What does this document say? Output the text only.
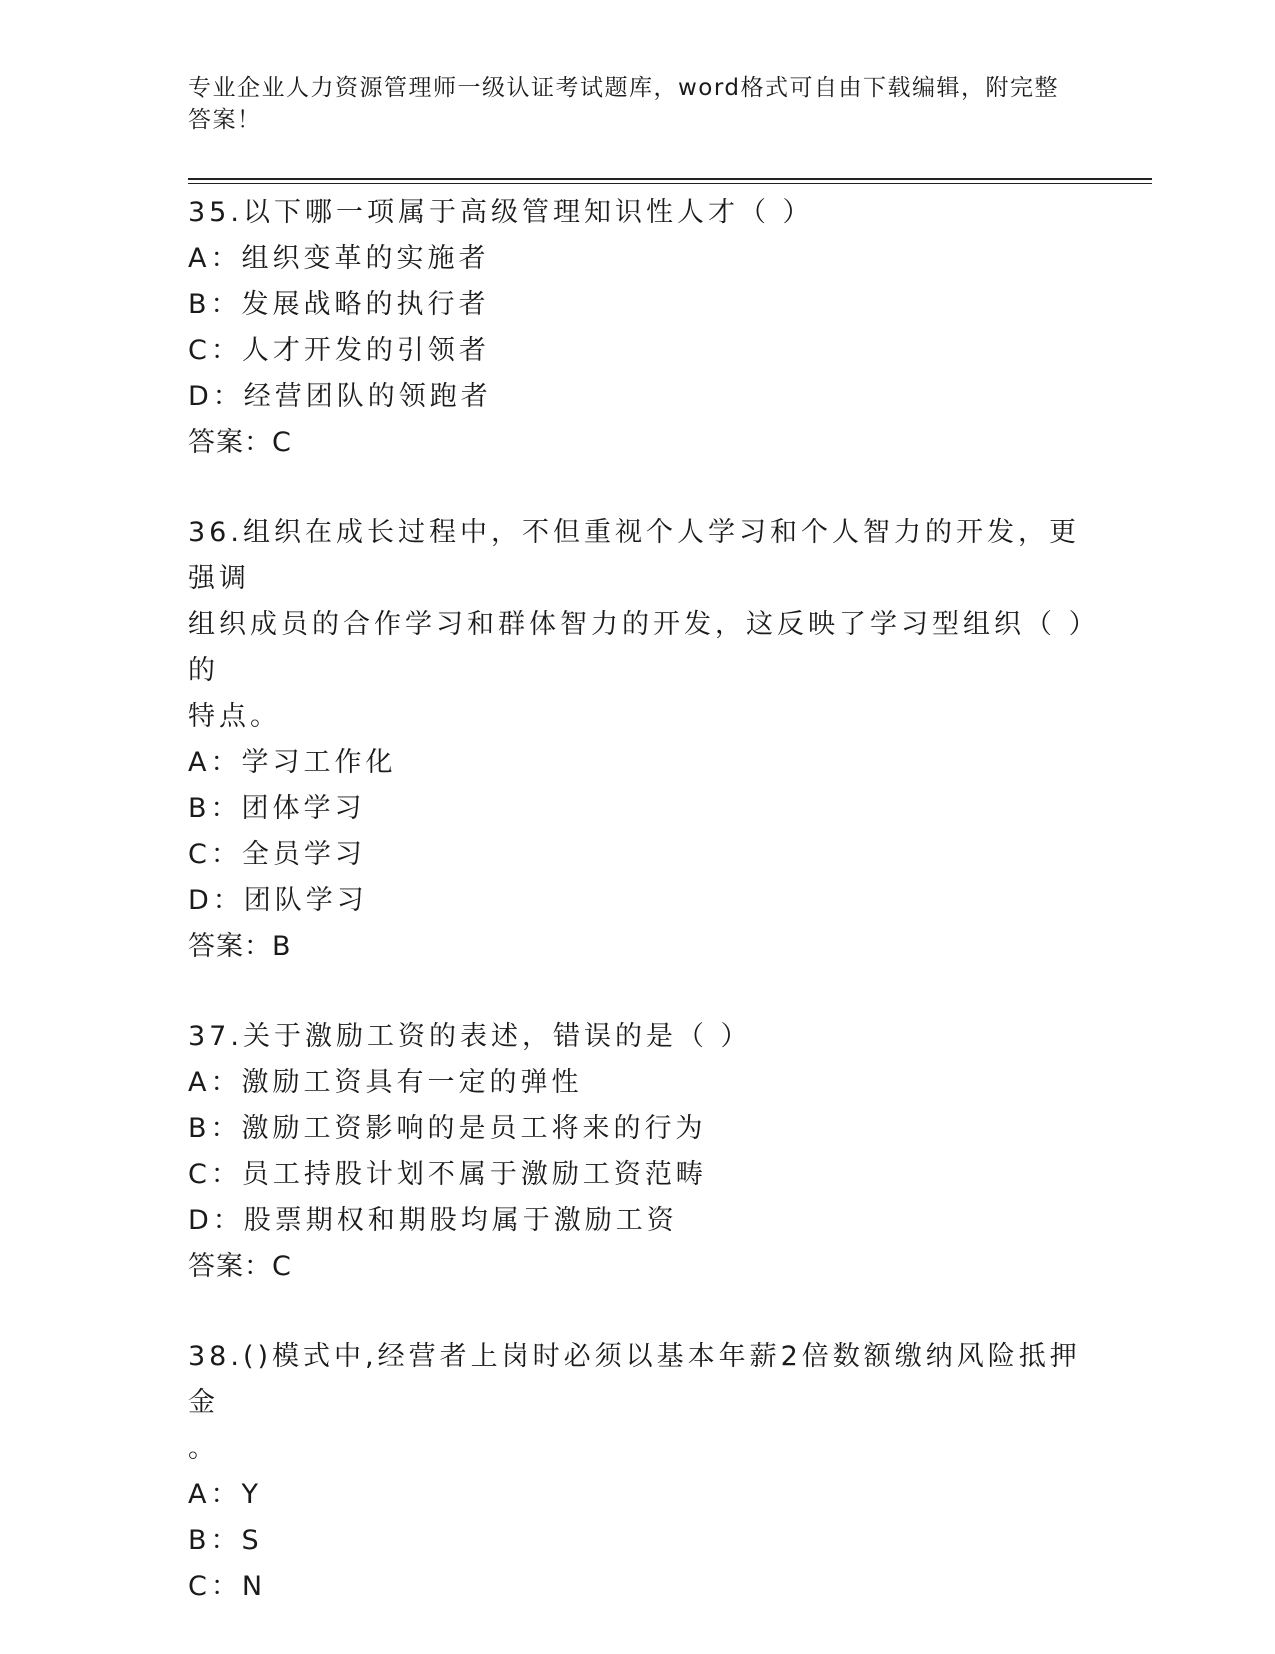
专业企业人力资源管理师一级认证考试题库，word格式可自由下载编辑，附完整
答案！
35.以下哪一项属于高级管理知识性人才（ ）
A：组织变革的实施者
B：发展战略的执行者
C：人才开发的引领者
D：经营团队的领跑者
答案：C
36.组织在成长过程中，不但重视个人学习和个人智力的开发，更强调
组织成员的合作学习和群体智力的开发，这反映了学习型组织（ ）的
特点。
A：学习工作化
B：团体学习
C：全员学习
D：团队学习
答案：B
37.关于激励工资的表述，错误的是（ ）
A：激励工资具有一定的弹性
B：激励工资影响的是员工将来的行为
C：员工持股计划不属于激励工资范畴
D：股票期权和期股均属于激励工资
答案：C
38.()模式中,经营者上岗时必须以基本年薪2倍数额缴纳风险抵押金
。
A：Y
B：S
C：N
